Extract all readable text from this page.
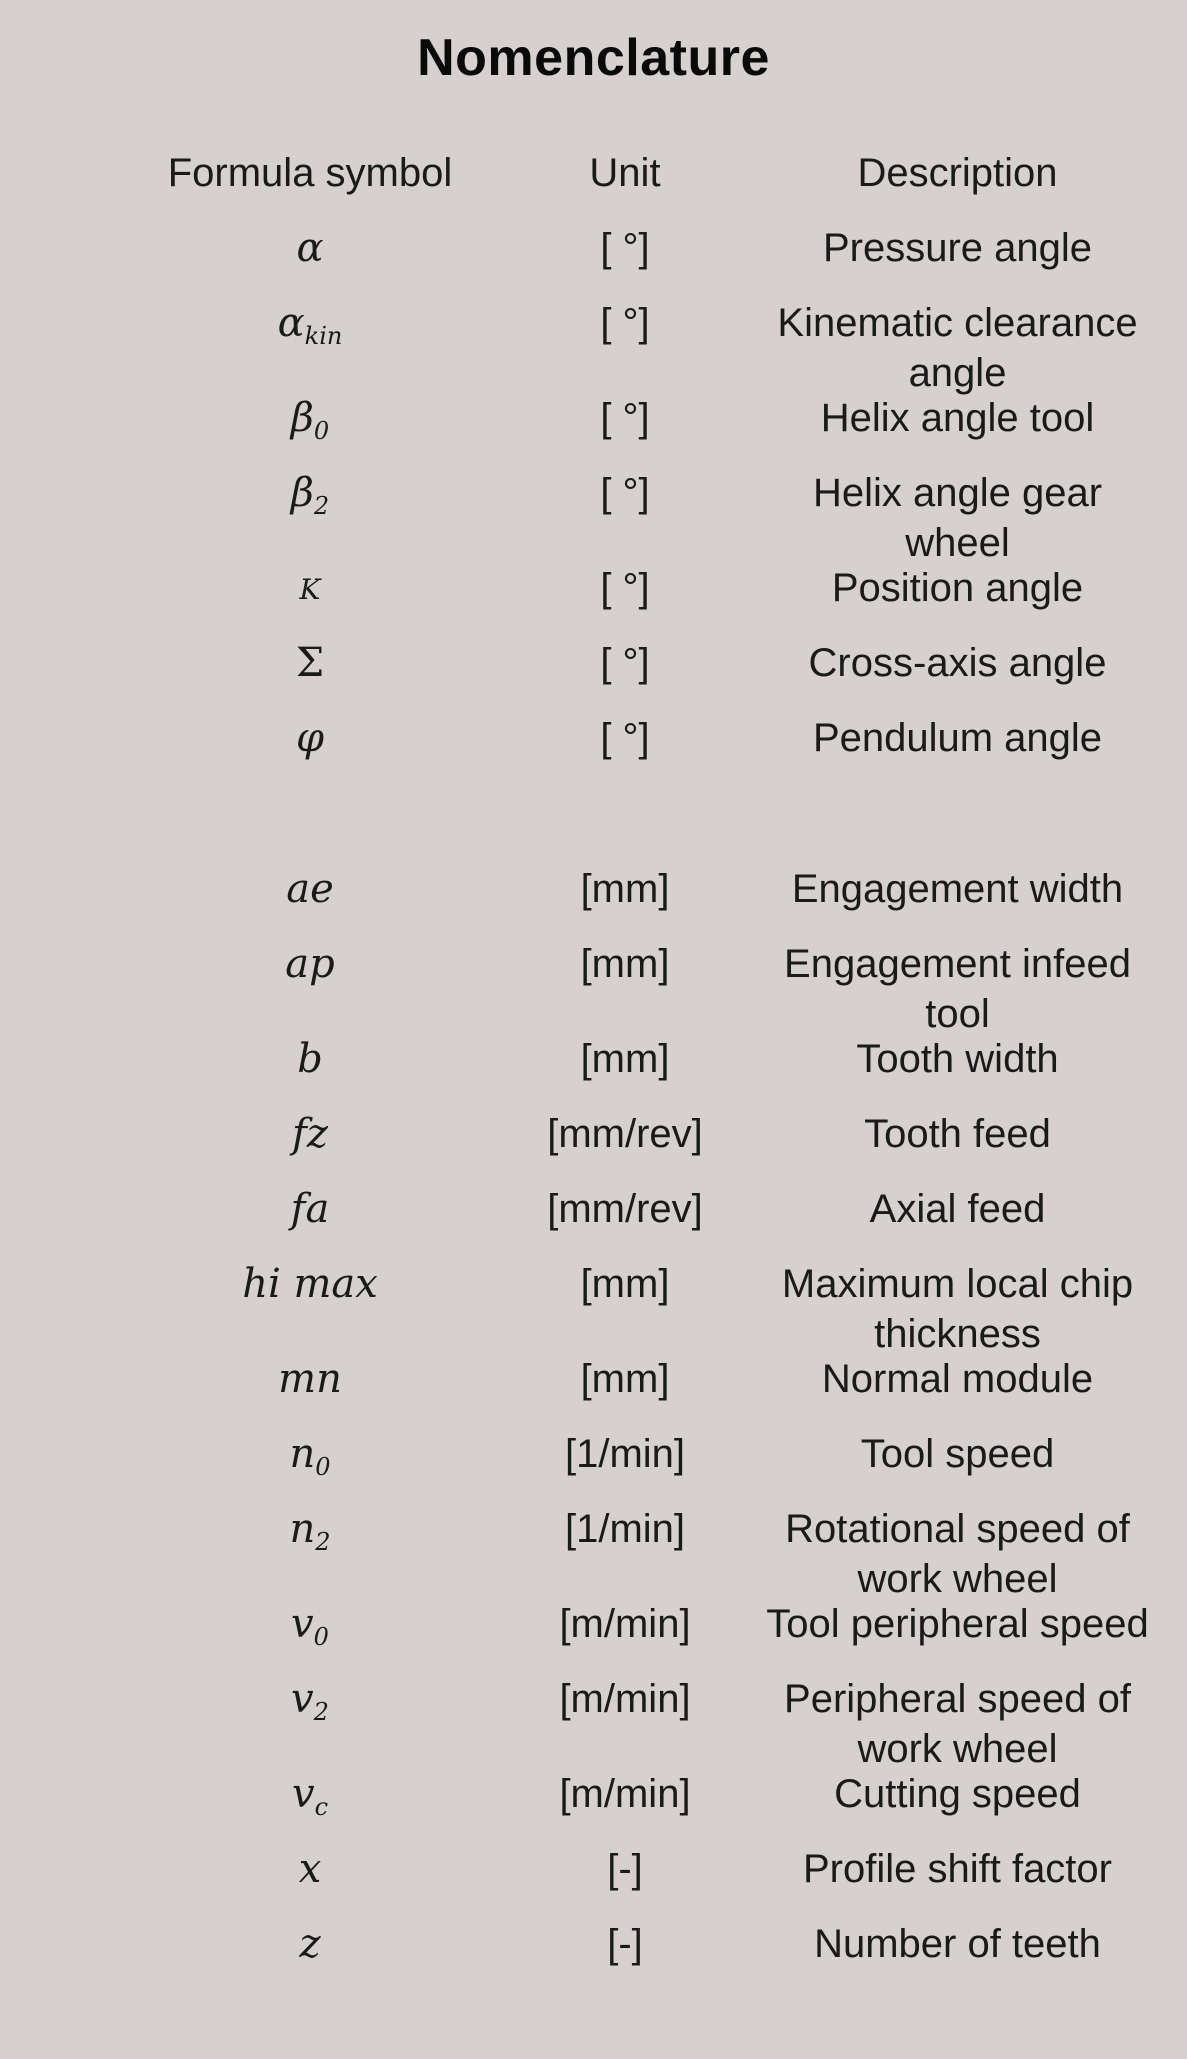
Nomenclature
Formula symbol	Unit	Description
α	[ °]	Pressure angle
$\alpha_{kin}$	[ °]	Kinematic clearance
angle
$\beta_0$	[ °]	Helix angle tool
$\beta_2$	[ °]	Helix angle gear
wheel
K	[ °]	Position angle
Σ	[ °]	Cross-axis angle
φ	[ °]	Pendulum angle
ae	[mm]	Engagement width
ap	[mm]	Engagement infeed
tool
b	[mm]	Tooth width
fz	[mm/rev]	Tooth feed
fa	[mm/rev]	Axial feed
hi max	[mm]	Maximum local chip
thickness
mn	[mm]	Normal module
$n_0$	[1/min]	Tool speed
$n_2$	[1/min]	Rotational speed of
work wheel
$v_0$	[m/min]	Tool peripheral speed
$v_2$	[m/min]	Peripheral speed of
work wheel
$v_c$	[m/min]	Cutting speed
x	[-]	Profile shift factor
z	[-]	Number of teeth
